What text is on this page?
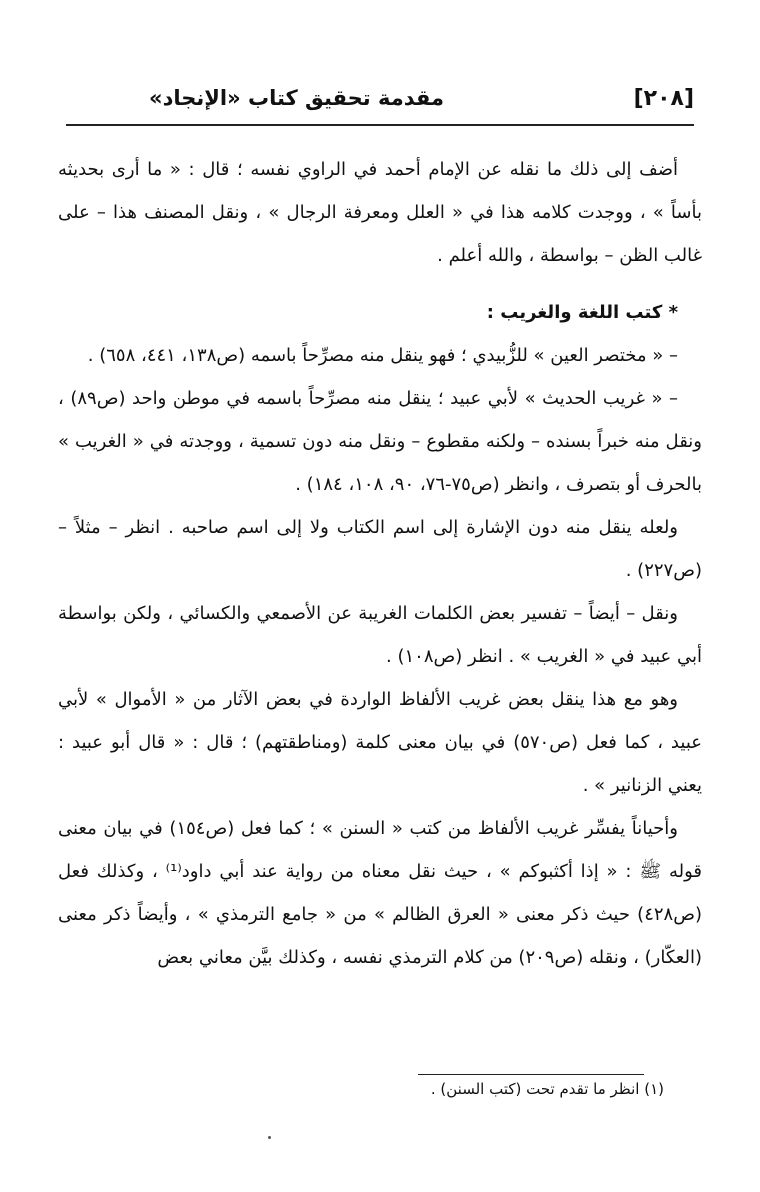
[٢٠٨]
مقدمة تحقيق كتاب «الإنجاد»

أضف إلى ذلك ما نقله عن الإمام أحمد في الراوي نفسه ؛ قال : « ما أرى بحديثه بأساً » ، ووجدت كلامه هذا في « العلل ومعرفة الرجال » ، ونقل المصنف هذا – على غالب الظن – بواسطة ، والله أعلم .

* كتب اللغة والغريب :

– « مختصر العين » للزُّبيدي ؛ فهو ينقل منه مصرِّحاً باسمه (ص١٣٨، ٤٤١، ٦٥٨) .

– « غريب الحديث » لأبي عبيد ؛ ينقل منه مصرِّحاً باسمه في موطن واحد (ص٨٩) ، ونقل منه خبراً بسنده – ولكنه مقطوع – ونقل منه دون تسمية ، ووجدته في « الغريب » بالحرف أو بتصرف ، وانظر (ص٧٥-٧٦، ٩٠، ١٠٨، ١٨٤) .

ولعله ينقل منه دون الإشارة إلى اسم الكتاب ولا إلى اسم صاحبه . انظر – مثلاً – (ص٢٢٧) .

ونقل – أيضاً – تفسير بعض الكلمات الغريبة عن الأصمعي والكسائي ، ولكن بواسطة أبي عبيد في « الغريب » . انظر (ص١٠٨) .

وهو مع هذا ينقل بعض غريب الألفاظ الواردة في بعض الآثار من « الأموال » لأبي عبيد ، كما فعل (ص٥٧٠) في بيان معنى كلمة (ومناطقتهم) ؛ قال : « قال أبو عبيد : يعني الزنانير » .

وأحياناً يفسِّر غريب الألفاظ من كتب « السنن » ؛ كما فعل (ص١٥٤) في بيان معنى قوله ﷺ : « إذا أكثبوكم » ، حيث نقل معناه من رواية عند أبي داود⁽¹⁾ ، وكذلك فعل (ص٤٢٨) حيث ذكر معنى « العرق الظالم » من « جامع الترمذي » ، وأيضاً ذكر معنى (العكّار) ، ونقله (ص٢٠٩) من كلام الترمذي نفسه ، وكذلك بيَّن معاني بعض

(١) انظر ما تقدم تحت (كتب السنن) .
